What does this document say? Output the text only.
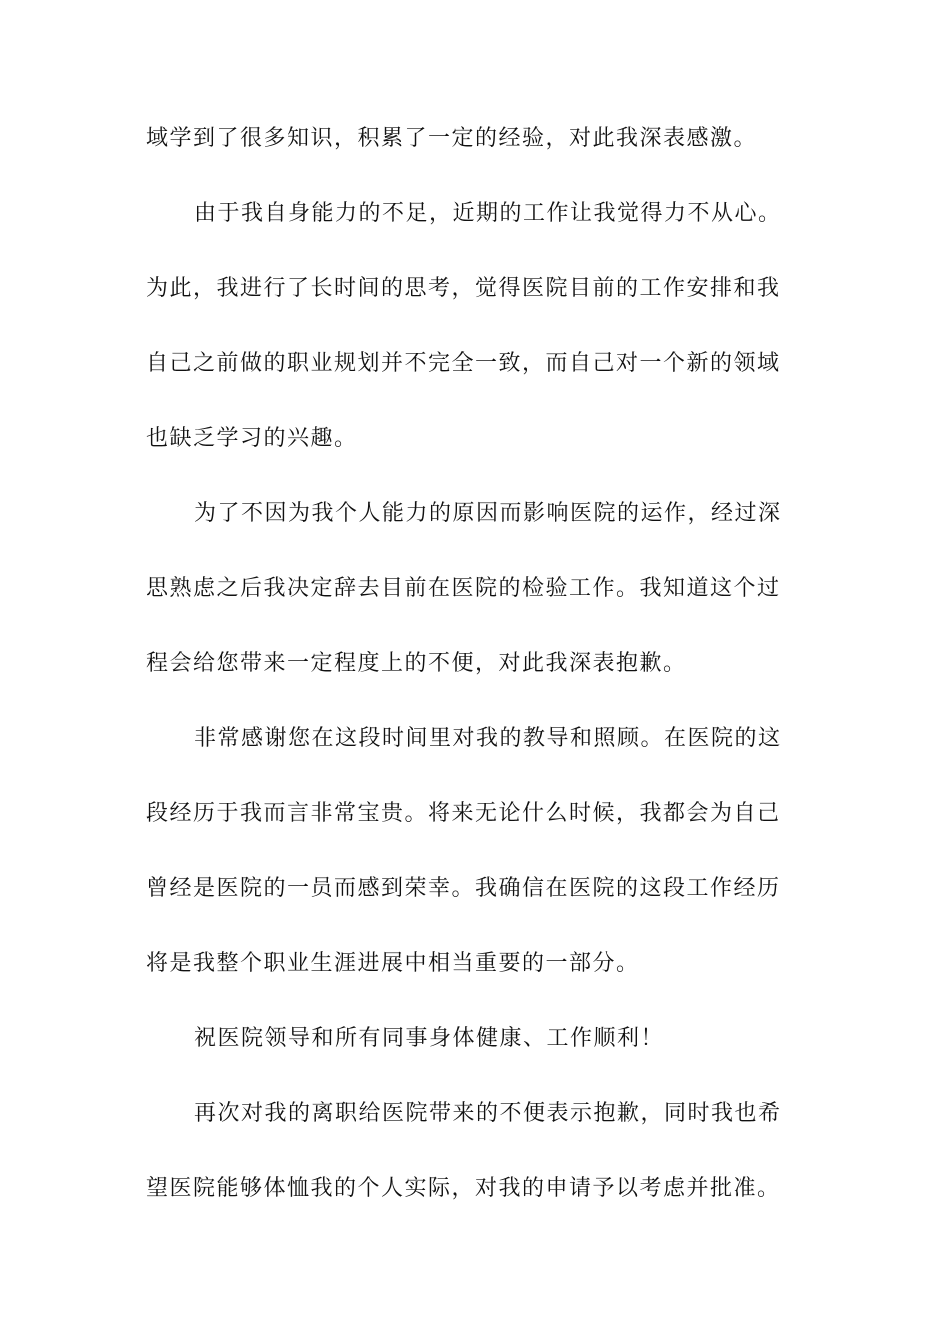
域学到了很多知识，积累了一定的经验，对此我深表感激。
由于我自身能力的不足，近期的工作让我觉得力不从心。
为此，我进行了长时间的思考，觉得医院目前的工作安排和我
自己之前做的职业规划并不完全一致，而自己对一个新的领域
也缺乏学习的兴趣。
为了不因为我个人能力的原因而影响医院的运作，经过深
思熟虑之后我决定辞去目前在医院的检验工作。我知道这个过
程会给您带来一定程度上的不便，对此我深表抱歉。
非常感谢您在这段时间里对我的教导和照顾。在医院的这
段经历于我而言非常宝贵。将来无论什么时候，我都会为自己
曾经是医院的一员而感到荣幸。我确信在医院的这段工作经历
将是我整个职业生涯进展中相当重要的一部分。
祝医院领导和所有同事身体健康、工作顺利！
再次对我的离职给医院带来的不便表示抱歉，同时我也希
望医院能够体恤我的个人实际，对我的申请予以考虑并批准。
